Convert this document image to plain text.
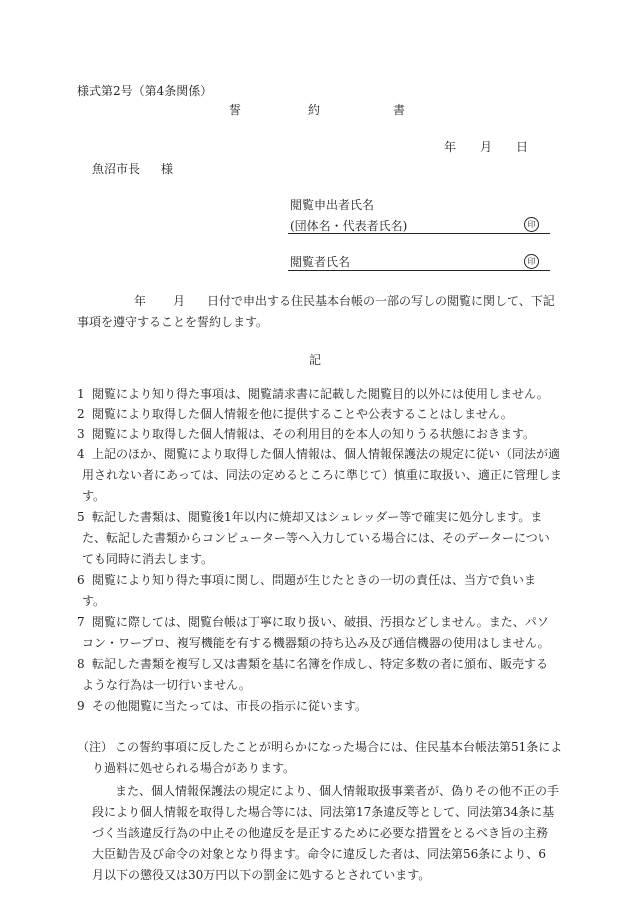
様式第2号（第4条関係）
誓	約	書
年 月 日
魚沼市長 様
閲覧申出者氏名
(団体名・代表者氏名)	印
閲覧者氏名	印
年 月 日付で申出する住民基本台帳の一部の写しの閲覧に関して、下記
事項を遵守することを誓約します。
記
1 閲覧により知り得た事項は、閲覧請求書に記載した閲覧目的以外には使用しません。
2 閲覧により取得した個人情報を他に提供することや公表することはしません。
3 閲覧により取得した個人情報は、その利用目的を本人の知りうる状態におきます。
4 上記のほか、閲覧により取得した個人情報は、個人情報保護法の規定に従い（同法が適
用されない者にあっては、同法の定めるところに準じて）慎重に取扱い、適正に管理しま
す。
5 転記した書類は、閲覧後1年以内に焼却又はシュレッダー等で確実に処分します。ま
た、転記した書類からコンピューター等へ入力している場合には、そのデーターについ
ても同時に消去します。
6 閲覧により知り得た事項に関し、問題が生じたときの一切の責任は、当方で負いま
す。
7 閲覧に際しては、閲覧台帳は丁寧に取り扱い、破損、汚損などしません。また、パソ
コン・ワープロ、複写機能を有する機器類の持ち込み及び通信機器の使用はしません。
8 転記した書類を複写し又は書類を基に名簿を作成し、特定多数の者に頒布、販売する
ような行為は一切行いません。
9 その他閲覧に当たっては、市長の指示に従います。
（注） この誓約事項に反したことが明らかになった場合には、住民基本台帳法第51条によ
り過料に処せられる場合があります。
また、個人情報保護法の規定により、個人情報取扱事業者が、偽りその他不正の手
段により個人情報を取得した場合等には、同法第17条違反等として、同法第34条に基
づく当該違反行為の中止その他違反を是正するために必要な措置をとるべき旨の主務
大臣勧告及び命令の対象となり得ます。命令に違反した者は、同法第56条により、6
月以下の懲役又は30万円以下の罰金に処するとされています。
